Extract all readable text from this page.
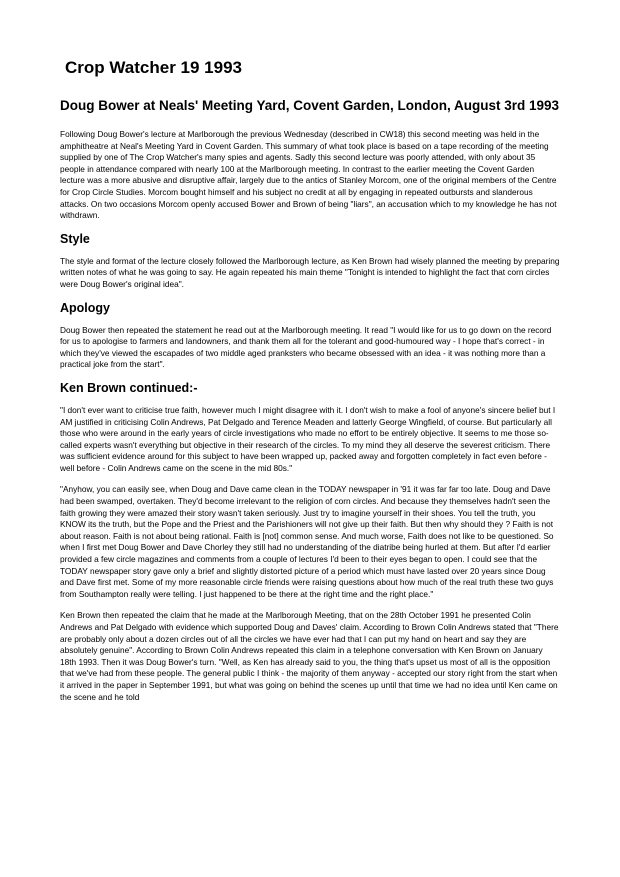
Crop Watcher 19 1993
Doug Bower at Neals' Meeting Yard, Covent Garden, London, August 3rd 1993

Following Doug Bower's lecture at Marlborough the previous Wednesday (described in CW18) this second meeting was held in the amphitheatre at Neal's Meeting Yard in Covent Garden. This summary of what took place is based on a tape recording of the meeting supplied by one of The Crop Watcher's many spies and agents. Sadly this second lecture was poorly attended, with only about 35 people in attendance compared with nearly 100 at the Marlborough meeting. In contrast to the earlier meeting the Covent Garden lecture was a more abusive and disruptive affair, largely due to the antics of Stanley Morcom, one of the original members of the Centre for Crop Circle Studies. Morcom bought himself and his subject no credit at all by engaging in repeated outbursts and slanderous attacks. On two occasions Morcom openly accused Bower and Brown of being "liars", an accusation which to my knowledge he has not withdrawn.

Style

The style and format of the lecture closely followed the Marlborough lecture, as Ken Brown had wisely planned the meeting by preparing written notes of what he was going to say. He again repeated his main theme "Tonight is intended to highlight the fact that corn circles were Doug Bower's original idea".

Apology

Doug Bower then repeated the statement he read out at the Marlborough meeting. It read "I would like for us to go down on the record for us to apologise to farmers and landowners, and thank them all for the tolerant and good-humoured way - I hope that's correct - in which they've viewed the escapades of two middle aged pranksters who became obsessed with an idea - it was nothing more than a practical joke from the start".

Ken Brown continued:-

"I don't ever want to criticise true faith, however much I might disagree with it. I don't wish to make a fool of anyone's sincere belief but I AM justified in criticising Colin Andrews, Pat Delgado and Terence Meaden and latterly George Wingfield, of course. But particularly all those who were around in the early years of circle investigations who made no effort to be entirely objective. It seems to me those so-called experts wasn't everything but objective in their research of the circles. To my mind they all deserve the severest criticism. There was sufficient evidence around for this subject to have been wrapped up, packed away and forgotten completely in fact even before - well before - Colin Andrews came on the scene in the mid 80s."

"Anyhow, you can easily see, when Doug and Dave came clean in the TODAY newspaper in '91 it was far far too late. Doug and Dave had been swamped, overtaken. They'd become irrelevant to the religion of corn circles. And because they themselves hadn't seen the faith growing they were amazed their story wasn't taken seriously. Just try to imagine yourself in their shoes. You tell the truth, you KNOW its the truth, but the Pope and the Priest and the Parishioners will not give up their faith. But then why should they ? Faith is not about reason. Faith is not about being rational. Faith is [not] common sense. And much worse, Faith does not like to be questioned. So when I first met Doug Bower and Dave Chorley they still had no understanding of the diatribe being hurled at them. But after I'd earlier provided a few circle magazines and comments from a couple of lectures I'd been to their eyes began to open. I could see that the TODAY newspaper story gave only a brief and slightly distorted picture of a period which must have lasted over 20 years since Doug and Dave first met. Some of my more reasonable circle friends were raising questions about how much of the real truth these two guys from Southampton really were telling. I just happened to be there at the right time and the right place."

Ken Brown then repeated the claim that he made at the Marlborough Meeting, that on the 28th October 1991 he presented Colin Andrews and Pat Delgado with evidence which supported Doug and Daves' claim. According to Brown Colin Andrews stated that "There are probably only about a dozen circles out of all the circles we have ever had that I can put my hand on heart and say they are absolutely genuine". According to Brown Colin Andrews repeated this claim in a telephone conversation with Ken Brown on January 18th 1993. Then it was Doug Bower's turn. "Well, as Ken has already said to you, the thing that's upset us most of all is the opposition that we've had from these people. The general public I think - the majority of them anyway - accepted our story right from the start when it arrived in the paper in September 1991, but what was going on behind the scenes up until that time we had no idea until Ken came on the scene and he told
